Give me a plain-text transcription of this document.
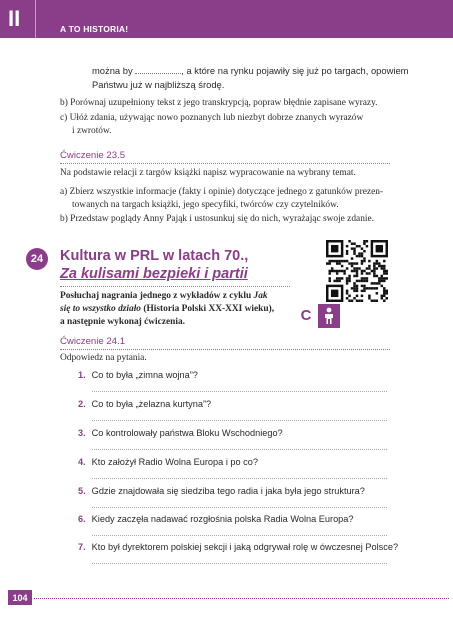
II	A TO HISTORIA!
można by	, a które na rynku pojawiły się już po targach, opowiem
Państwu już w najbliższą środę.
b) Porównaj uzupełniony tekst z jego transkrypcją, popraw błędnie zapisane wyrazy.
c) Ułóż zdania, używając nowo poznanych lub niezbyt dobrze znanych wyrazów
i zwrotów.
Ćwiczenie 23.5
Na podstawie relacji z targów książki napisz wypracowanie na wybrany temat.
a) Zbierz wszystkie informacje (fakty i opinie) dotyczące jednego z gatunków prezen-
towanych na targach książki, jego specyfiki, twórców czy czytelników.
b) Przedstaw poglądy Anny Pająk i ustosunkuj się do nich, wyrażając swoje zdanie.
24	Kultura w PRL w latach 70.,
Za kulisami bezpieki i partii
Posłuchaj nagrania jednego z wykładów z cyklu Jak
się to wszystko działo (Historia Polski XX-XXI wieku),
a następnie wykonaj ćwiczenia.	C
Ćwiczenie 24.1
Odpowiedz na pytania.
1. Co to była „zimna wojna”?
2. Co to była „żelazna kurtyna”?
3. Co kontrolowały państwa Bloku Wschodniego?
4. Kto założył Radio Wolna Europa i po co?
5. Gdzie znajdowała się siedziba tego radia i jaka była jego struktura?
6. Kiedy zaczęła nadawać rozgłośnia polska Radia Wolna Europa?
7. Kto był dyrektorem polskiej sekcji i jaką odgrywał rolę w ówczesnej Polsce?
104
